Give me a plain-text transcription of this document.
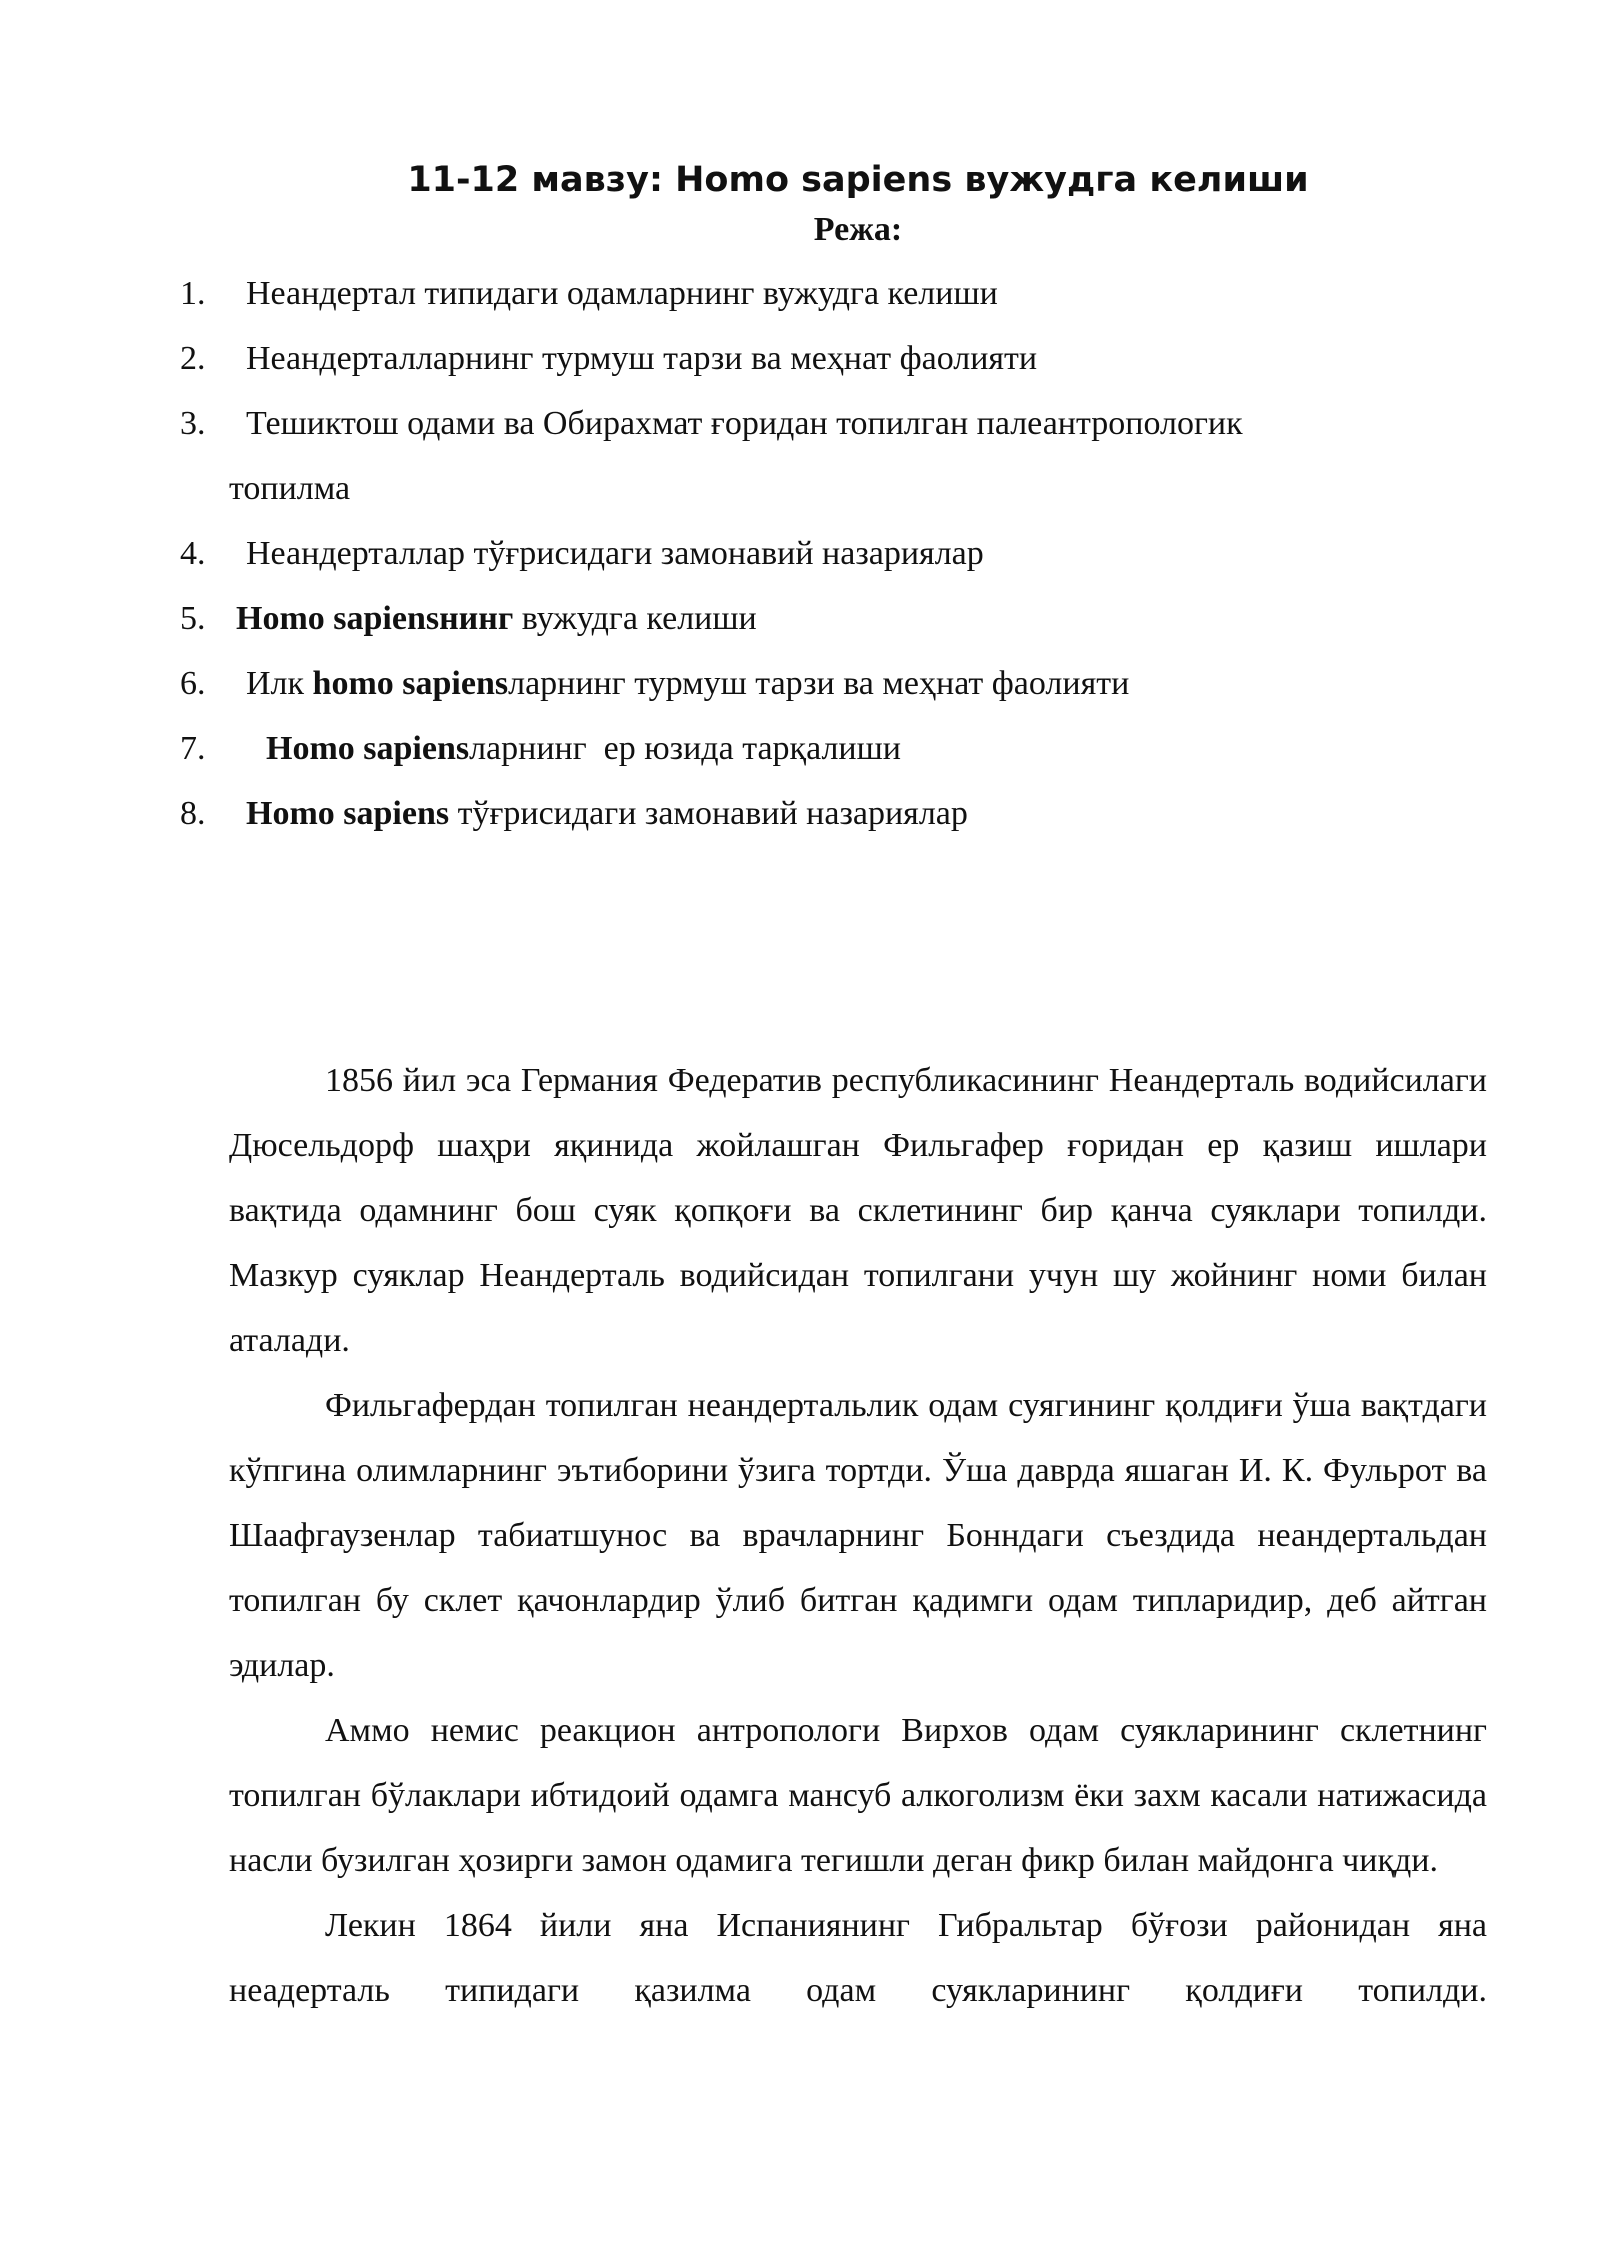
11-12 мавзу: Homo sapiens вужудга келиши
Режа:
1. Неандертал типидаги одамларнинг вужудга келиши
2. Неандерталларнинг турмуш тарзи ва меҳнат фаолияти
3. Тешиктош одами ва Обирахмат ғоридан топилган палеантропологик
топилма
4. Неандерталлар тўғрисидаги замонавий назариялар
5. Homo sapiensнинг вужудга келиши
6. Илк homo sapiensларнинг турмуш тарзи ва меҳнат фаолияти
7. Homo sapiensларнинг  ер юзида тарқалиши
8. Homo sapiens тўғрисидаги замонавий назариялар

1856 йил эса Германия Федератив республикасининг Неандерталь водийсилаги Дюсельдорф шаҳри яқинида жойлашган Фильгафер ғоридан ер қазиш ишлари вақтида одамнинг бош суяк қопқоғи ва склетининг бир қанча суяклари топилди. Мазкур суяклар Неандерталь водийсидан топилгани учун шу жойнинг номи билан аталади.

Фильгафердан топилган неандертальлик одам суягининг қолдиғи ўша вақтдаги кўпгина олимларнинг эътиборини ўзига тортди. Ўша даврда яшаган И. К. Фульрот ва Шаафгаузенлар табиатшунос ва врачларнинг Бонндаги съездида неандертальдан топилган бу склет қачонлардир ўлиб битган қадимги одам типларидир, деб айтган эдилар.

Аммо немис реакцион антропологи Вирхов одам суякларининг склетнинг топилган бўлаклари ибтидоий одамга мансуб алкоголизм ёки захм касали натижасида насли бузилган ҳозирги замон одамига тегишли деган фикр билан майдонга чиқди.

Лекин 1864 йили яна Испаниянинг Гибральтар бўғози районидан яна неадерталь типидаги қазилма одам суякларининг қолдиғи топилди.
